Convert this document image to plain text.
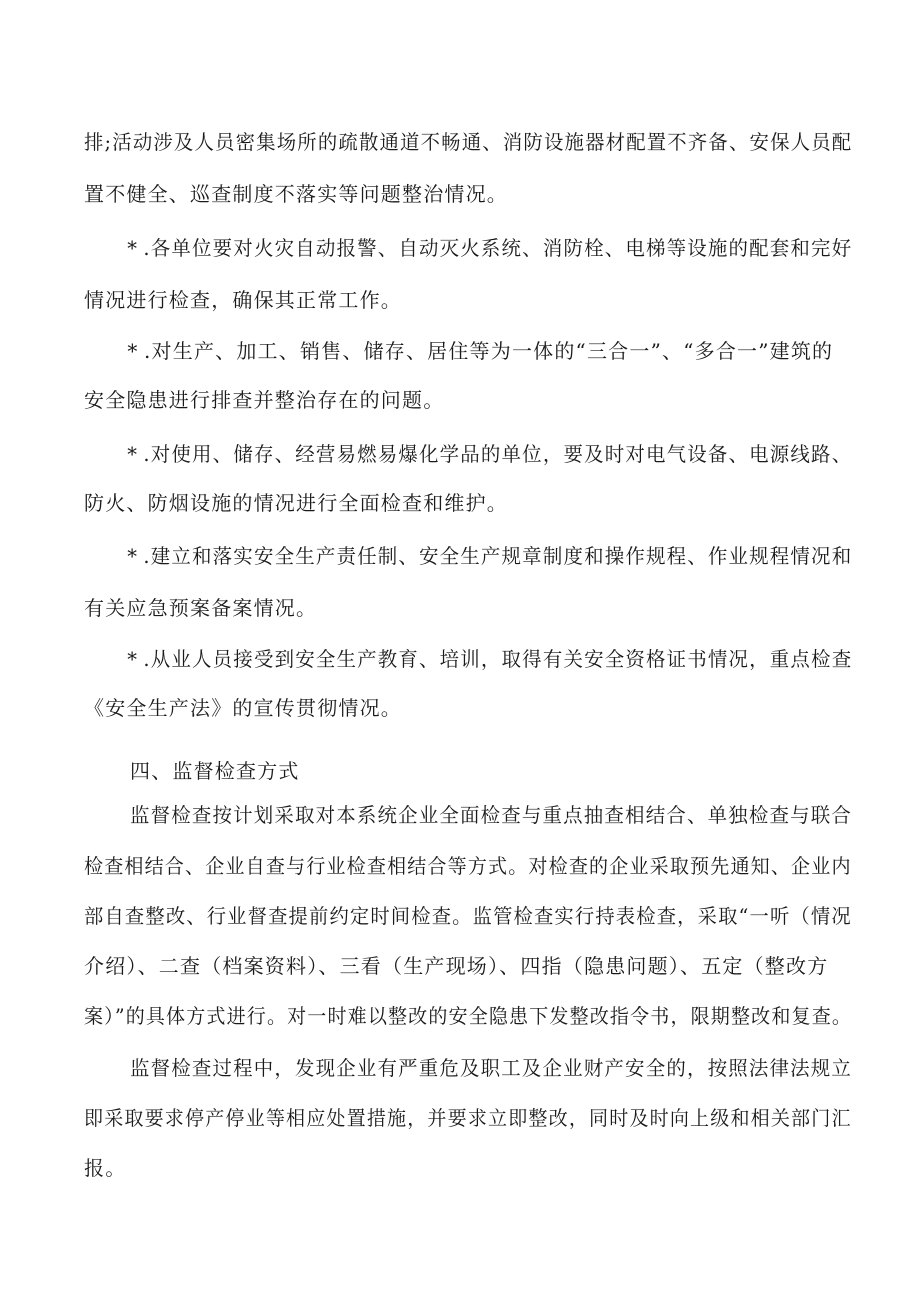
排;活动涉及人员密集场所的疏散通道不畅通、消防设施器材配置不齐备、安保人员配
置不健全、巡查制度不落实等问题整治情况。
* .各单位要对火灾自动报警、自动灭火系统、消防栓、电梯等设施的配套和完好
情况进行检查，确保其正常工作。
* .对生产、加工、销售、储存、居住等为一体的“三合一”、“多合一”建筑的
安全隐患进行排查并整治存在的问题。
* .对使用、储存、经营易燃易爆化学品的单位，要及时对电气设备、电源线路、
防火、防烟设施的情况进行全面检查和维护。
* .建立和落实安全生产责任制、安全生产规章制度和操作规程、作业规程情况和
有关应急预案备案情况。
* .从业人员接受到安全生产教育、培训，取得有关安全资格证书情况，重点检查
《安全生产法》的宣传贯彻情况。
四、监督检查方式
监督检查按计划采取对本系统企业全面检查与重点抽查相结合、单独检查与联合
检查相结合、企业自查与行业检查相结合等方式。对检查的企业采取预先通知、企业内
部自查整改、行业督查提前约定时间检查。监管检查实行持表检查，采取“一听（情况
介绍）、二查（档案资料）、三看（生产现场）、四指（隐患问题）、五定（整改方
案）”的具体方式进行。对一时难以整改的安全隐患下发整改指令书，限期整改和复查。
监督检查过程中，发现企业有严重危及职工及企业财产安全的，按照法律法规立
即采取要求停产停业等相应处置措施，并要求立即整改，同时及时向上级和相关部门汇
报。
